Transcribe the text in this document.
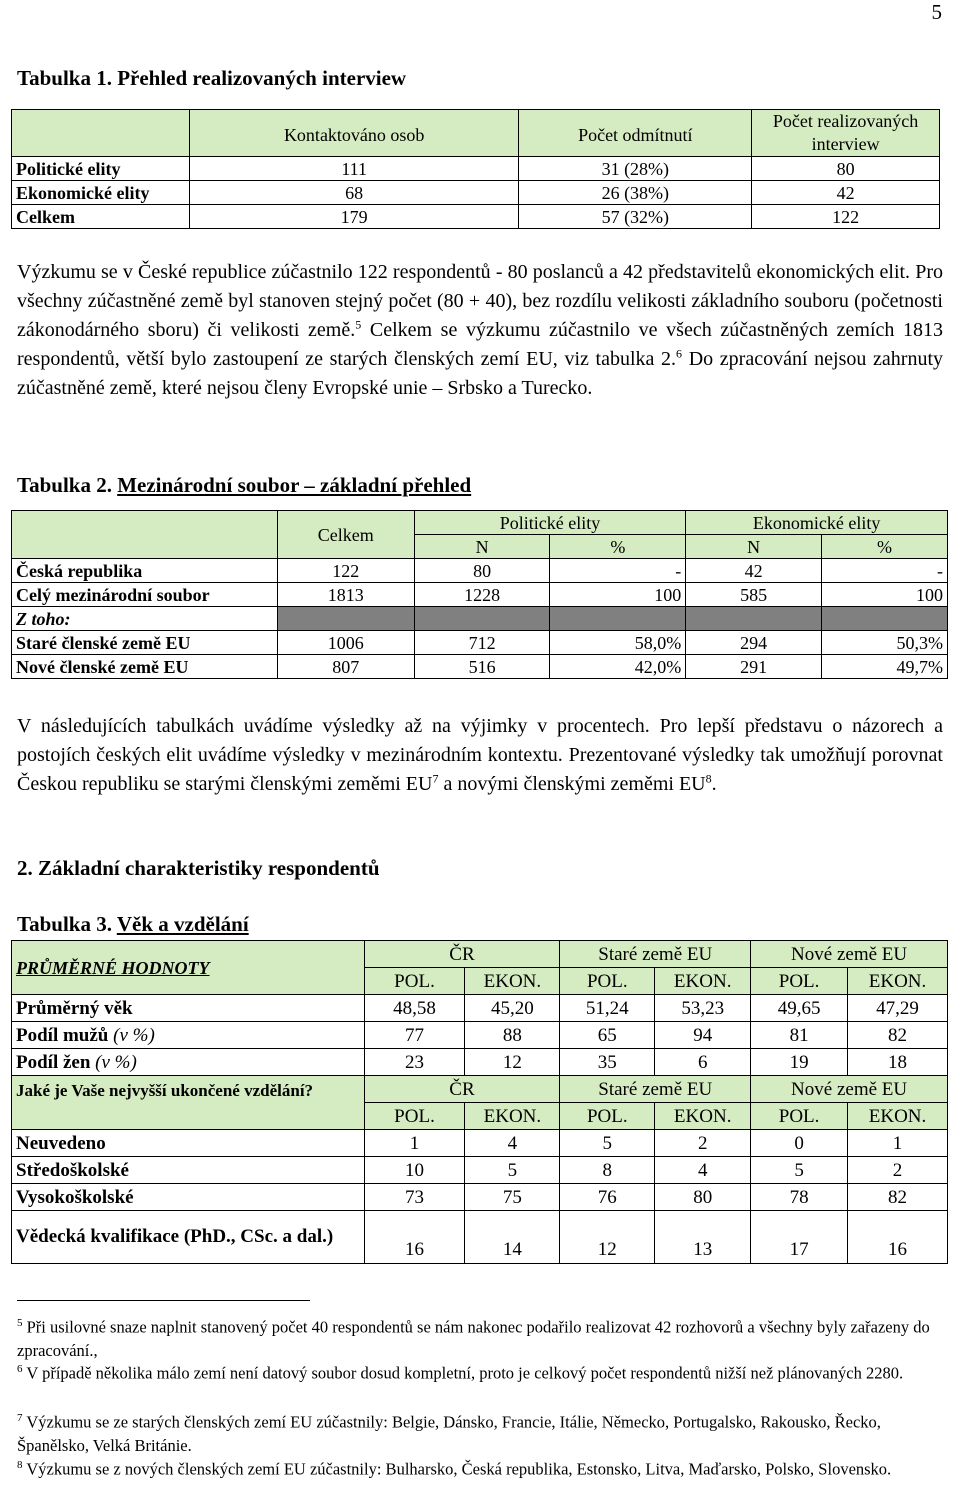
5
Tabulka 1. Přehled realizovaných interview
	Kontaktováno osob	Počet odmítnutí	Počet realizovaných interview
Politické elity	111	31 (28%)	80
Ekonomické elity	68	26 (38%)	42
Celkem	179	57 (32%)	122
Výzkumu se v České republice zúčastnilo 122 respondentů - 80 poslanců a 42 představitelů ekonomických elit. Pro všechny zúčastněné země byl stanoven stejný počet (80 + 40), bez rozdílu velikosti základního souboru (početnosti zákonodárného sboru) či velikosti země.$^5$ Celkem se výzkumu zúčastnilo ve všech zúčastněných zemích 1813 respondentů, větší bylo zastoupení ze starých členských zemí EU, viz tabulka 2.$^6$ Do zpracování nejsou zahrnuty zúčastněné země, které nejsou členy Evropské unie – Srbsko a Turecko.
Tabulka 2. Mezinárodní soubor – základní přehled
	Celkem	Politické elity		Ekonomické elity	
		N	%	N	%
Česká republika	122	80	-	42	-
Celý mezinárodní soubor	1813	1228	100	585	100
Z toho:					
Staré členské země EU	1006	712	58,0%	294	50,3%
Nové členské země EU	807	516	42,0%	291	49,7%
V následujících tabulkách uvádíme výsledky až na výjimky v procentech. Pro lepší představu o názorech a postojích českých elit uvádíme výsledky v mezinárodním kontextu. Prezentované výsledky tak umožňují porovnat Českou republiku se starými členskými zeměmi $EU^7$ a novými členskými zeměmi $EU^8$.
2. Základní charakteristiky respondentů
Tabulka 3. Věk a vzdělání
PRŮMĚRNÉ HODNOTY	ČR		Staré země EU		Nové země EU	
	POL.	EKON.	POL.	EKON.	POL.	EKON.
Průměrný věk	48,58	45,20	51,24	53,23	49,65	47,29
Podíl mužů (v %)	77	88	65	94	81	82
Podíl žen (v %)	23	12	35	6	19	18
Jaké je Vaše nejvyšší ukončené vzdělání?	ČR		Staré země EU		Nové země EU	
	POL.	EKON.	POL.	EKON.	POL.	EKON.
Neuvedeno	1	4	5	2	0	1
Středoškolské	10	5	8	4	5	2
Vysokoškolské	73	75	76	80	78	82
Vědecká kvalifikace (PhD., CSc. a dal.)	16	14	12	13	17	16
$^5$ Při usilovné snaze naplnit stanovený počet 40 respondentů se nám nakonec podařilo realizovat 42 rozhovorů a všechny byly zařazeny do zpracování.,
$^6$ V případě několika málo zemí není datový soubor dosud kompletní, proto je celkový počet respondentů nižší než plánovaných 2280.
$^7$ Výzkumu se ze starých členských zemí EU zúčastnily: Belgie, Dánsko, Francie, Itálie, Německo, Portugalsko, Rakousko, Řecko, Španělsko, Velká Británie.
$^8$ Výzkumu se z nových členských zemí EU zúčastnily: Bulharsko, Česká republika, Estonsko, Litva, Maďarsko, Polsko, Slovensko.
